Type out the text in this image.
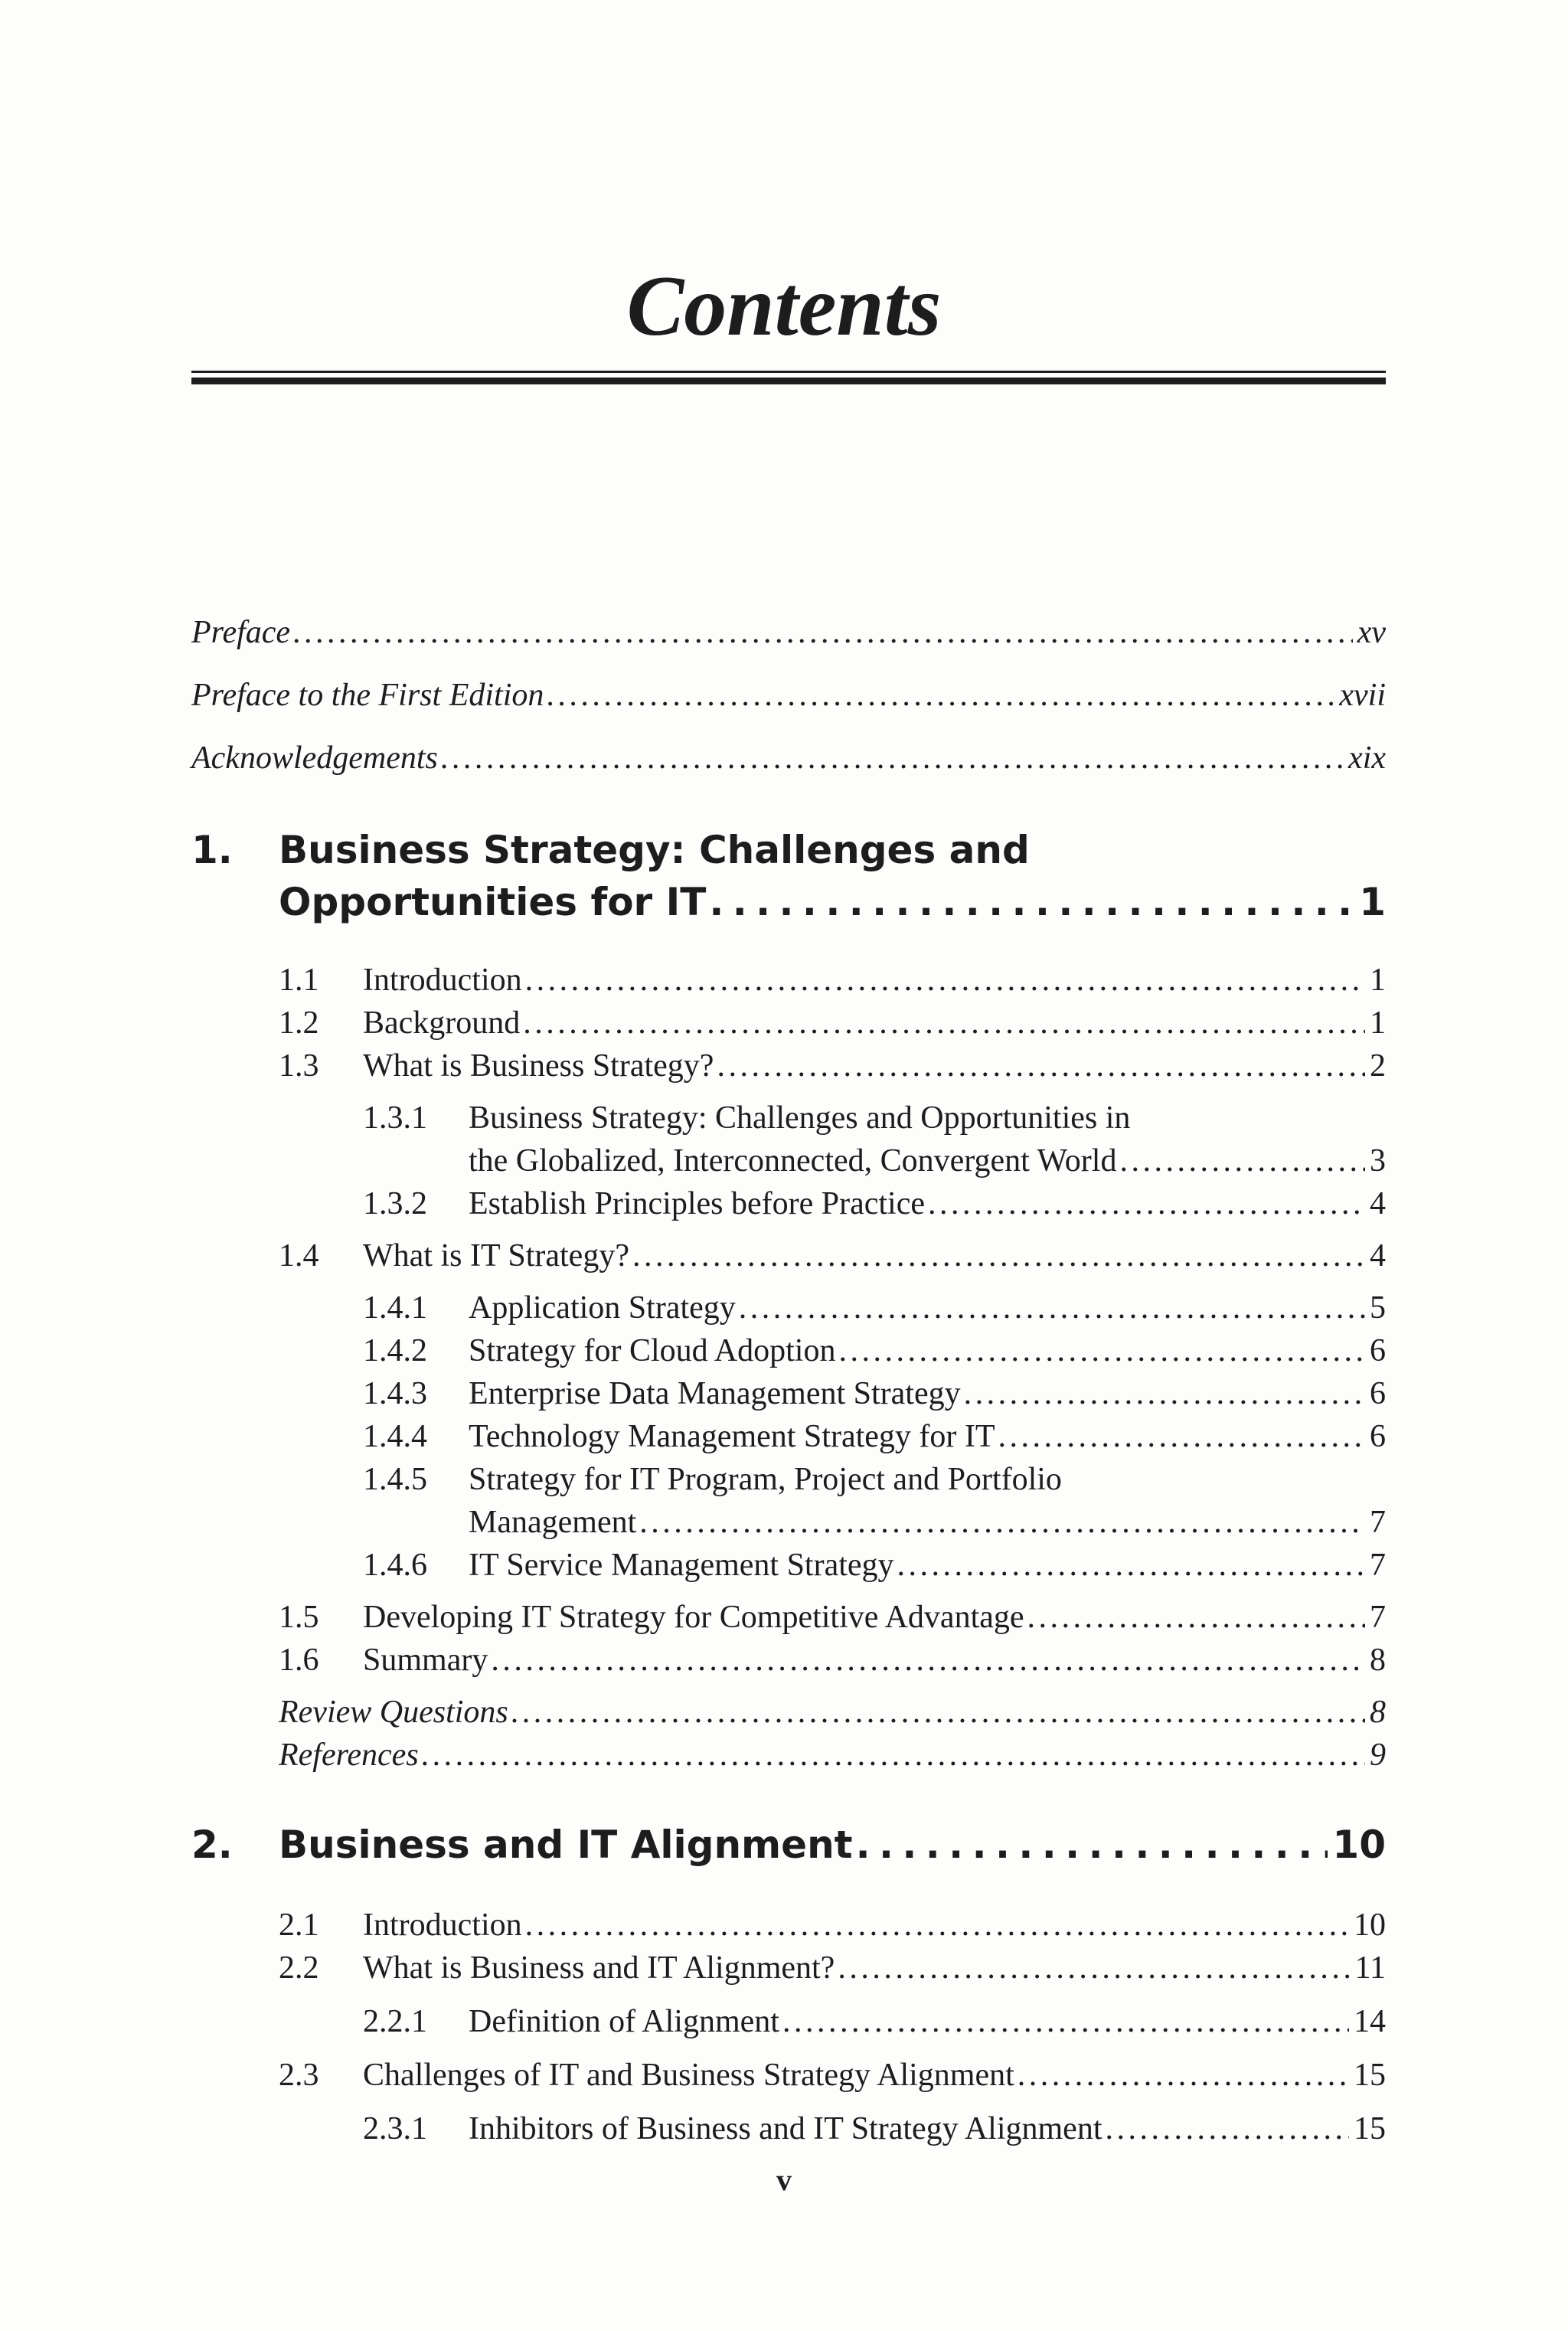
Contents
Preface . . .	xv
Preface to the First Edition . . .	xvii
Acknowledgements . . .	xix
1. Business Strategy: Challenges and
Opportunities for IT . . .	1
1.1 Introduction . . .	1
1.2 Background . . .	1
1.3 What is Business Strategy? . . .	2
1.3.1 Business Strategy: Challenges and Opportunities in
the Globalized, Interconnected, Convergent World . . .	3
1.3.2 Establish Principles before Practice . . .	4
1.4 What is IT Strategy? . . .	4
1.4.1 Application Strategy . . .	5
1.4.2 Strategy for Cloud Adoption . . .	6
1.4.3 Enterprise Data Management Strategy . . .	6
1.4.4 Technology Management Strategy for IT . . .	6
1.4.5 Strategy for IT Program, Project and Portfolio
Management . . .	7
1.4.6 IT Service Management Strategy . . .	7
1.5 Developing IT Strategy for Competitive Advantage . . .	7
1.6 Summary . . .	8
Review Questions . . .	8
References . . .	9
2. Business and IT Alignment . . .	10
2.1 Introduction . . .	10
2.2 What is Business and IT Alignment? . . .	11
2.2.1 Definition of Alignment . . .	14
2.3 Challenges of IT and Business Strategy Alignment . . .	15
2.3.1 Inhibitors of Business and IT Strategy Alignment . . .	15
v
